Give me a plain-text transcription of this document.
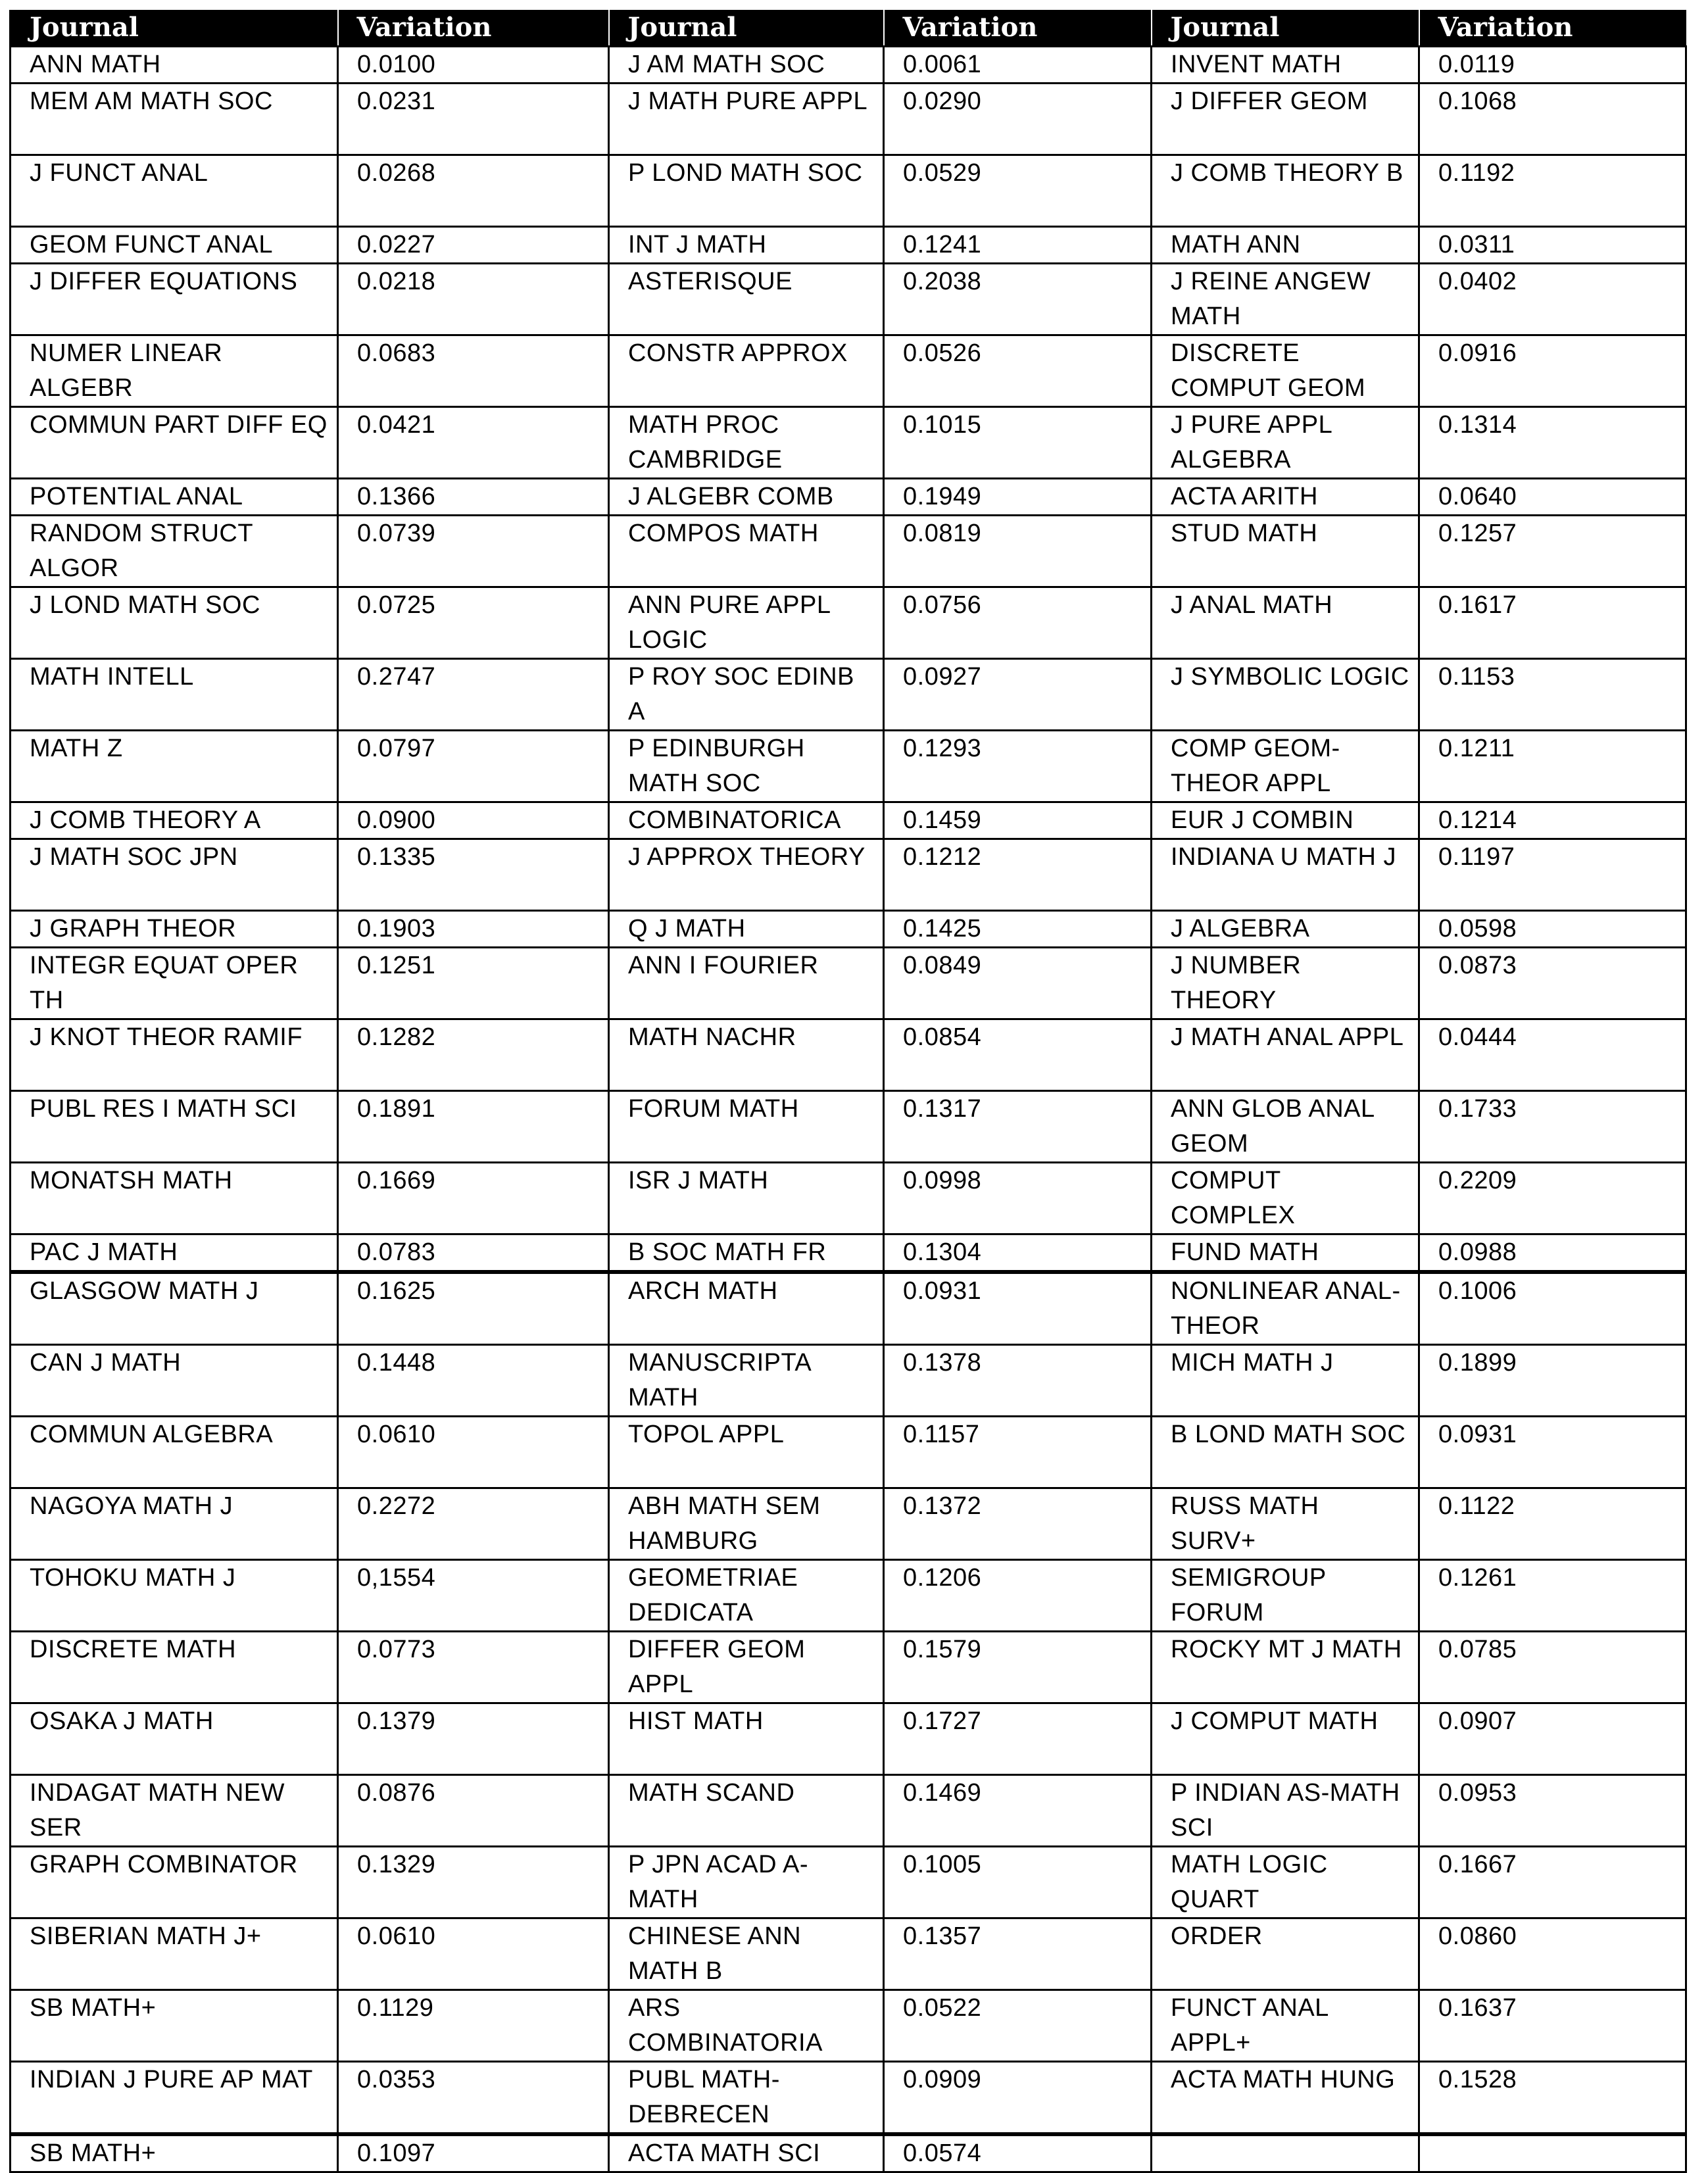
Journal	Variation	Journal	Variation	Journal	Variation
ANN MATH	0.0100	J AM MATH SOC	0.0061	INVENT MATH	0.0119
MEM AM MATH SOC	0.0231	J MATH PURE APPL	0.0290	J DIFFER GEOM	0.1068
J FUNCT ANAL	0.0268	P LOND MATH SOC	0.0529	J COMB THEORY B	0.1192
GEOM FUNCT ANAL	0.0227	INT J MATH	0.1241	MATH ANN	0.0311
J DIFFER EQUATIONS	0.0218	ASTERISQUE	0.2038	J REINE ANGEW MATH	0.0402
NUMER LINEAR ALGEBR	0.0683	CONSTR APPROX	0.0526	DISCRETE COMPUT GEOM	0.0916
COMMUN PART DIFF EQ	0.0421	MATH PROC CAMBRIDGE	0.1015	J PURE APPL ALGEBRA	0.1314
POTENTIAL ANAL	0.1366	J ALGEBR COMB	0.1949	ACTA ARITH	0.0640
RANDOM STRUCT ALGOR	0.0739	COMPOS MATH	0.0819	STUD MATH	0.1257
J LOND MATH SOC	0.0725	ANN PURE APPL LOGIC	0.0756	J ANAL MATH	0.1617
MATH INTELL	0.2747	P ROY SOC EDINB A	0.0927	J SYMBOLIC LOGIC	0.1153
MATH Z	0.0797	P EDINBURGH MATH SOC	0.1293	COMP GEOM-THEOR APPL	0.1211
J COMB THEORY A	0.0900	COMBINATORICA	0.1459	EUR J COMBIN	0.1214
J MATH SOC JPN	0.1335	J APPROX THEORY	0.1212	INDIANA U MATH J	0.1197
J GRAPH THEOR	0.1903	Q J MATH	0.1425	J ALGEBRA	0.0598
INTEGR EQUAT OPER TH	0.1251	ANN I FOURIER	0.0849	J NUMBER THEORY	0.0873
J KNOT THEOR RAMIF	0.1282	MATH NACHR	0.0854	J MATH ANAL APPL	0.0444
PUBL RES I MATH SCI	0.1891	FORUM MATH	0.1317	ANN GLOB ANAL GEOM	0.1733
MONATSH MATH	0.1669	ISR J MATH	0.0998	COMPUT COMPLEX	0.2209
PAC J MATH	0.0783	B SOC MATH FR	0.1304	FUND MATH	0.0988
GLASGOW MATH J	0.1625	ARCH MATH	0.0931	NONLINEAR ANAL-THEOR	0.1006
CAN J MATH	0.1448	MANUSCRIPTA MATH	0.1378	MICH MATH J	0.1899
COMMUN ALGEBRA	0.0610	TOPOL APPL	0.1157	B LOND MATH SOC	0.0931
NAGOYA MATH J	0.2272	ABH MATH SEM HAMBURG	0.1372	RUSS MATH SURV+	0.1122
TOHOKU MATH J	0,1554	GEOMETRIAE DEDICATA	0.1206	SEMIGROUP FORUM	0.1261
DISCRETE MATH	0.0773	DIFFER GEOM APPL	0.1579	ROCKY MT J MATH	0.0785
OSAKA J MATH	0.1379	HIST MATH	0.1727	J COMPUT MATH	0.0907
INDAGAT MATH NEW SER	0.0876	MATH SCAND	0.1469	P INDIAN AS-MATH SCI	0.0953
GRAPH COMBINATOR	0.1329	P JPN ACAD A-MATH	0.1005	MATH LOGIC QUART	0.1667
SIBERIAN MATH J+	0.0610	CHINESE ANN MATH B	0.1357	ORDER	0.0860
SB MATH+	0.1129	ARS COMBINATORIA	0.0522	FUNCT ANAL APPL+	0.1637
INDIAN J PURE AP MAT	0.0353	PUBL MATH-DEBRECEN	0.0909	ACTA MATH HUNG	0.1528
SB MATH+	0.1097	ACTA MATH SCI	0.0574		
